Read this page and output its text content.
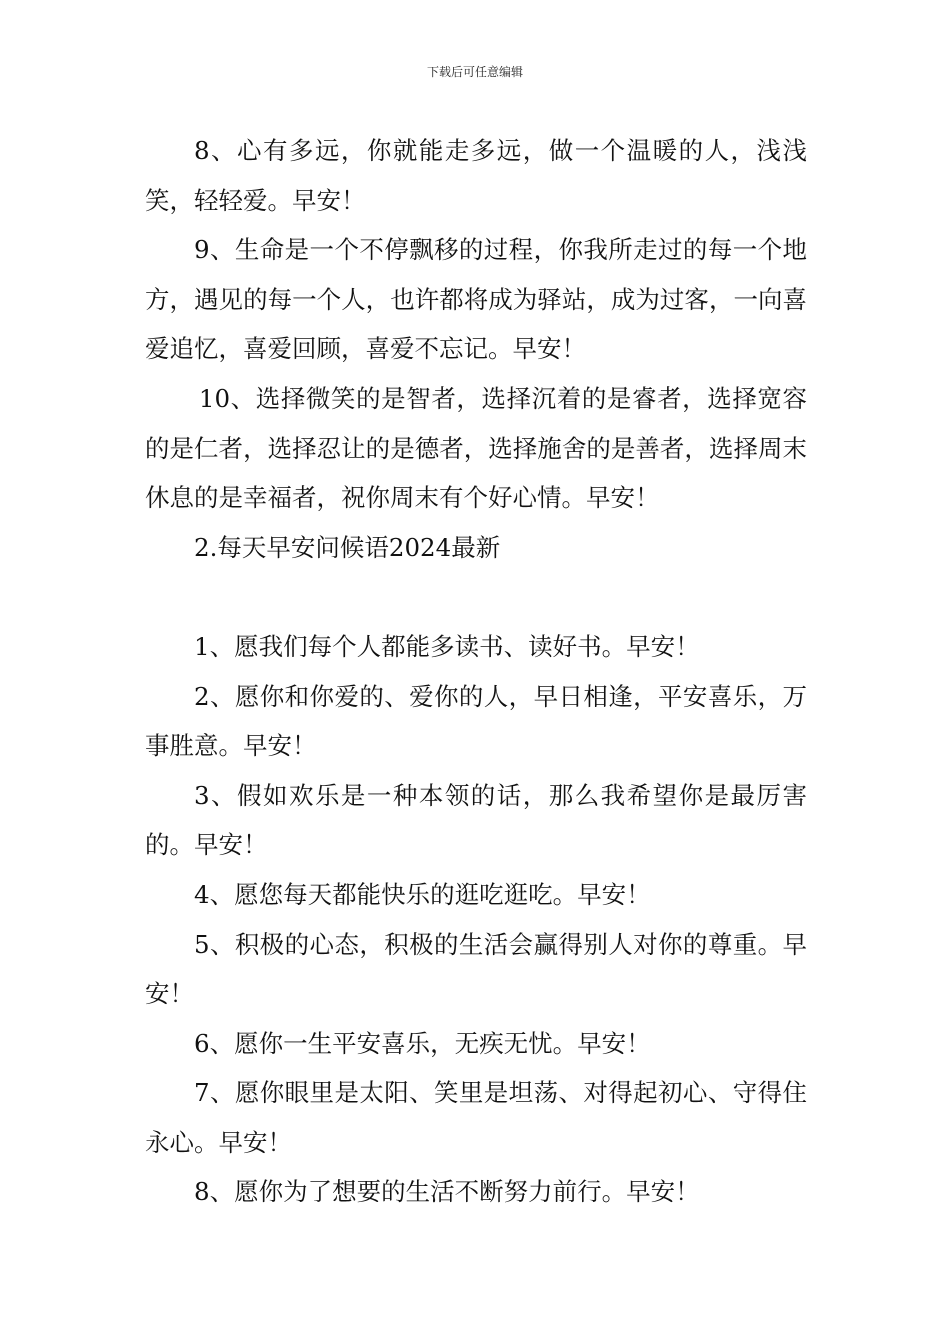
下载后可任意编辑

8、心有多远，你就能走多远，做一个温暖的人，浅浅笑，轻轻爱。早安！

9、生命是一个不停飘移的过程，你我所走过的每一个地方，遇见的每一个人，也许都将成为驿站，成为过客，一向喜爱追忆，喜爱回顾，喜爱不忘记。早安！

10、选择微笑的是智者，选择沉着的是睿者，选择宽容的是仁者，选择忍让的是德者，选择施舍的是善者，选择周末休息的是幸福者，祝你周末有个好心情。早安！

2.每天早安问候语2024最新

1、愿我们每个人都能多读书、读好书。早安！

2、愿你和你爱的、爱你的人，早日相逢，平安喜乐，万事胜意。早安！

3、假如欢乐是一种本领的话，那么我希望你是最厉害的。早安！

4、愿您每天都能快乐的逛吃逛吃。早安！

5、积极的心态，积极的生活会赢得别人对你的尊重。早安！

6、愿你一生平安喜乐，无疾无忧。早安！

7、愿你眼里是太阳、笑里是坦荡、对得起初心、守得住永心。早安！

8、愿你为了想要的生活不断努力前行。早安！
